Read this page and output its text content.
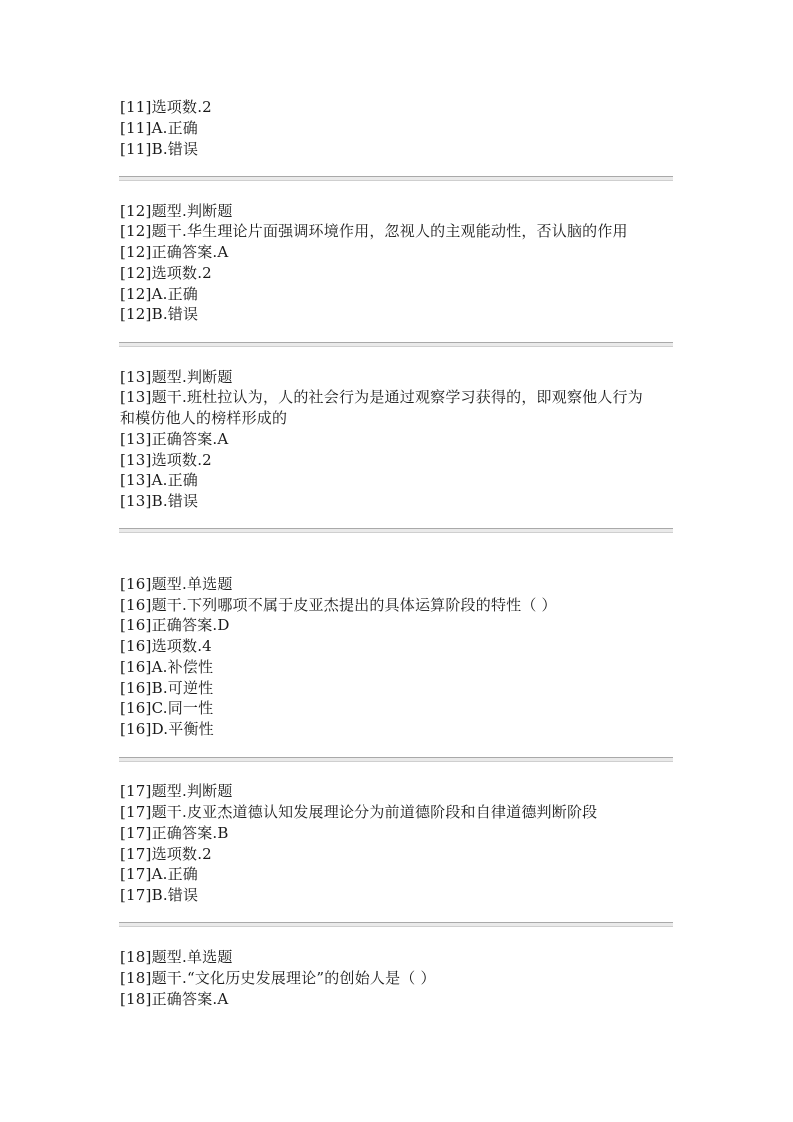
[11]选项数.2

[11]A.正确

[11]B.错误

[12]题型.判断题

[12]题干.华生理论片面强调环境作用，忽视人的主观能动性，否认脑的作用

[12]正确答案.A

[12]选项数.2

[12]A.正确

[12]B.错误

[13]题型.判断题

[13]题干.班杜拉认为，人的社会行为是通过观察学习获得的，即观察他人行为

和模仿他人的榜样形成的

[13]正确答案.A

[13]选项数.2

[13]A.正确

[13]B.错误

[16]题型.单选题

[16]题干.下列哪项不属于皮亚杰提出的具体运算阶段的特性（ ）

[16]正确答案.D

[16]选项数.4

[16]A.补偿性

[16]B.可逆性

[16]C.同一性

[16]D.平衡性

[17]题型.判断题

[17]题干.皮亚杰道德认知发展理论分为前道德阶段和自律道德判断阶段

[17]正确答案.B

[17]选项数.2

[17]A.正确

[17]B.错误

[18]题型.单选题

[18]题干.“文化历史发展理论”的创始人是（ ）

[18]正确答案.A
